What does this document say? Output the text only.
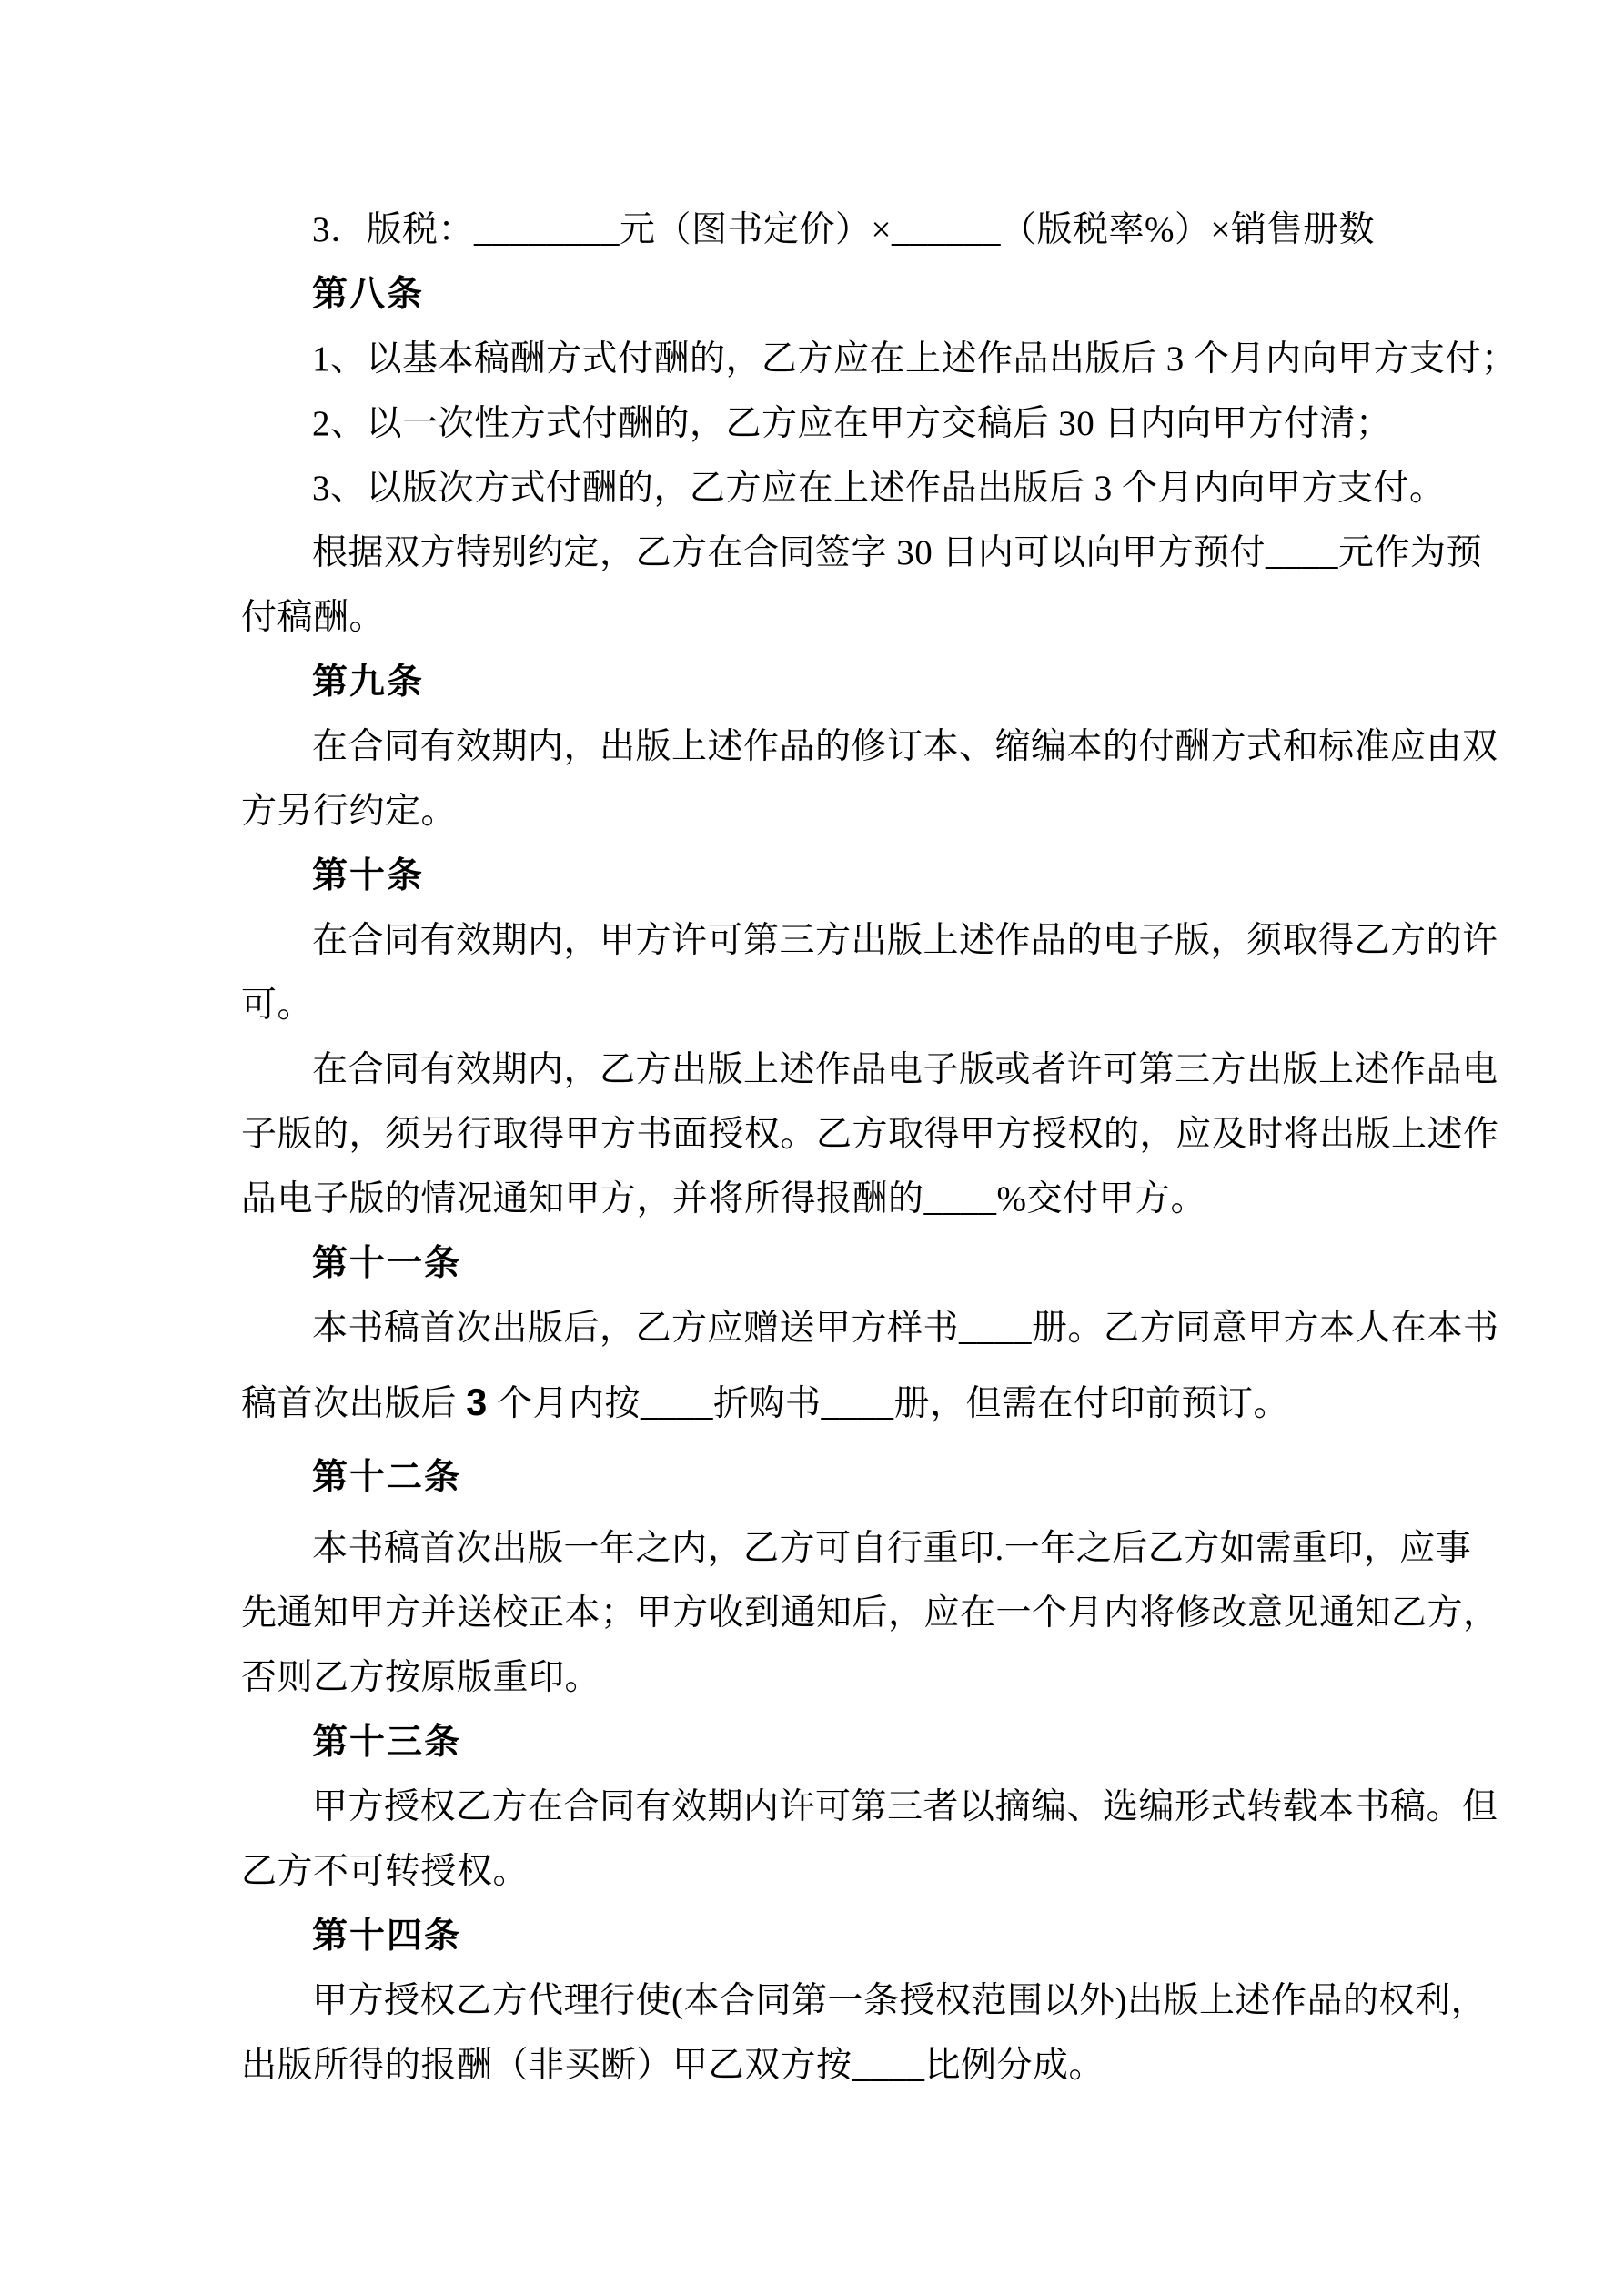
3．版税：________元（图书定价）×______（版税率%）×销售册数
第八条
1、以基本稿酬方式付酬的，乙方应在上述作品出版后 3 个月内向甲方支付；
2、以一次性方式付酬的，乙方应在甲方交稿后 30 日内向甲方付清；
3、以版次方式付酬的，乙方应在上述作品出版后 3 个月内向甲方支付。
根据双方特别约定，乙方在合同签字 30 日内可以向甲方预付____元作为预
付稿酬。
第九条
在合同有效期内，出版上述作品的修订本、缩编本的付酬方式和标准应由双
方另行约定。
第十条
在合同有效期内，甲方许可第三方出版上述作品的电子版，须取得乙方的许
可。
在合同有效期内，乙方出版上述作品电子版或者许可第三方出版上述作品电
子版的，须另行取得甲方书面授权。乙方取得甲方授权的，应及时将出版上述作
品电子版的情况通知甲方，并将所得报酬的____%交付甲方。
第十一条
本书稿首次出版后，乙方应赠送甲方样书____册。乙方同意甲方本人在本书
稿首次出版后 3 个月内按____折购书____册，但需在付印前预订。
第十二条
本书稿首次出版一年之内，乙方可自行重印.一年之后乙方如需重印，应事
先通知甲方并送校正本；甲方收到通知后，应在一个月内将修改意见通知乙方，
否则乙方按原版重印。
第十三条
甲方授权乙方在合同有效期内许可第三者以摘编、选编形式转载本书稿。但
乙方不可转授权。
第十四条
甲方授权乙方代理行使(本合同第一条授权范围以外)出版上述作品的权利，
出版所得的报酬（非买断）甲乙双方按____比例分成。
